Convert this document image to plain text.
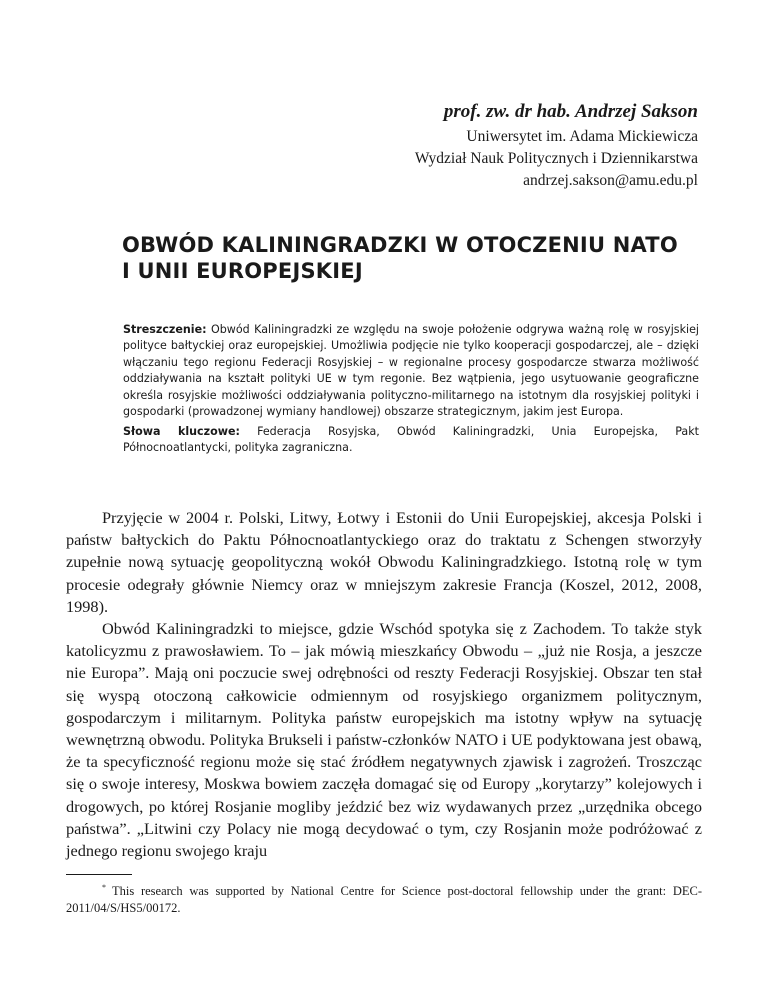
prof. zw. dr hab. Andrzej Sakson
Uniwersytet im. Adama Mickiewicza
Wydział Nauk Politycznych i Dziennikarstwa
andrzej.sakson@amu.edu.pl
OBWÓD KALININGRADZKI W OTOCZENIU NATO
I UNII EUROPEJSKIEJ

Streszczenie: Obwód Kaliningradzki ze względu na swoje położenie odgrywa ważną rolę w rosyjskiej polityce bałtyckiej oraz europejskiej. Umożliwia podjęcie nie tylko kooperacji gospodarczej, ale – dzięki włączaniu tego regionu Federacji Rosyjskiej – w regionalne procesy gospodarcze stwarza możliwość oddziaływania na kształt polityki UE w tym regonie. Bez wątpienia, jego usytuowanie geograficzne określa rosyjskie możliwości oddziaływania polityczno-militarnego na istotnym dla rosyjskiej polityki i gospodarki (prowadzonej wymiany handlowej) obszarze strategicznym, jakim jest Europa.

Słowa kluczowe: Federacja Rosyjska, Obwód Kaliningradzki, Unia Europejska, Pakt Północnoatlantycki, polityka zagraniczna.

Przyjęcie w 2004 r. Polski, Litwy, Łotwy i Estonii do Unii Europejskiej, akcesja Polski i państw bałtyckich do Paktu Północnoatlantyckiego oraz do traktatu z Schengen stworzyły zupełnie nową sytuację geopolityczną wokół Obwodu Kaliningradzkiego. Istotną rolę w tym procesie odegrały głównie Niemcy oraz w mniejszym zakresie Francja (Koszel, 2012, 2008, 1998).

Obwód Kaliningradzki to miejsce, gdzie Wschód spotyka się z Zachodem. To także styk katolicyzmu z prawosławiem. To – jak mówią mieszkańcy Obwodu – „już nie Rosja, a jeszcze nie Europa”. Mają oni poczucie swej odrębności od reszty Federacji Rosyjskiej. Obszar ten stał się wyspą otoczoną całkowicie odmiennym od rosyjskiego organizmem politycznym, gospodarczym i militarnym. Polityka państw europejskich ma istotny wpływ na sytuację wewnętrzną obwodu. Polityka Brukseli i państw-członków NATO i UE podyktowana jest obawą, że ta specyficzność regionu może się stać źródłem negatywnych zjawisk i zagrożeń. Troszcząc się o swoje interesy, Moskwa bowiem zaczęła domagać się od Europy „korytarzy” kolejowych i drogowych, po której Rosjanie mogliby jeździć bez wiz wydawanych przez „urzędnika obcego państwa”. „Litwini czy Polacy nie mogą decydować o tym, czy Rosjanin może podróżować z jednego regionu swojego kraju

* This research was supported by National Centre for Science post-doctoral fellowship under the grant: DEC-2011/04/S/HS5/00172.
